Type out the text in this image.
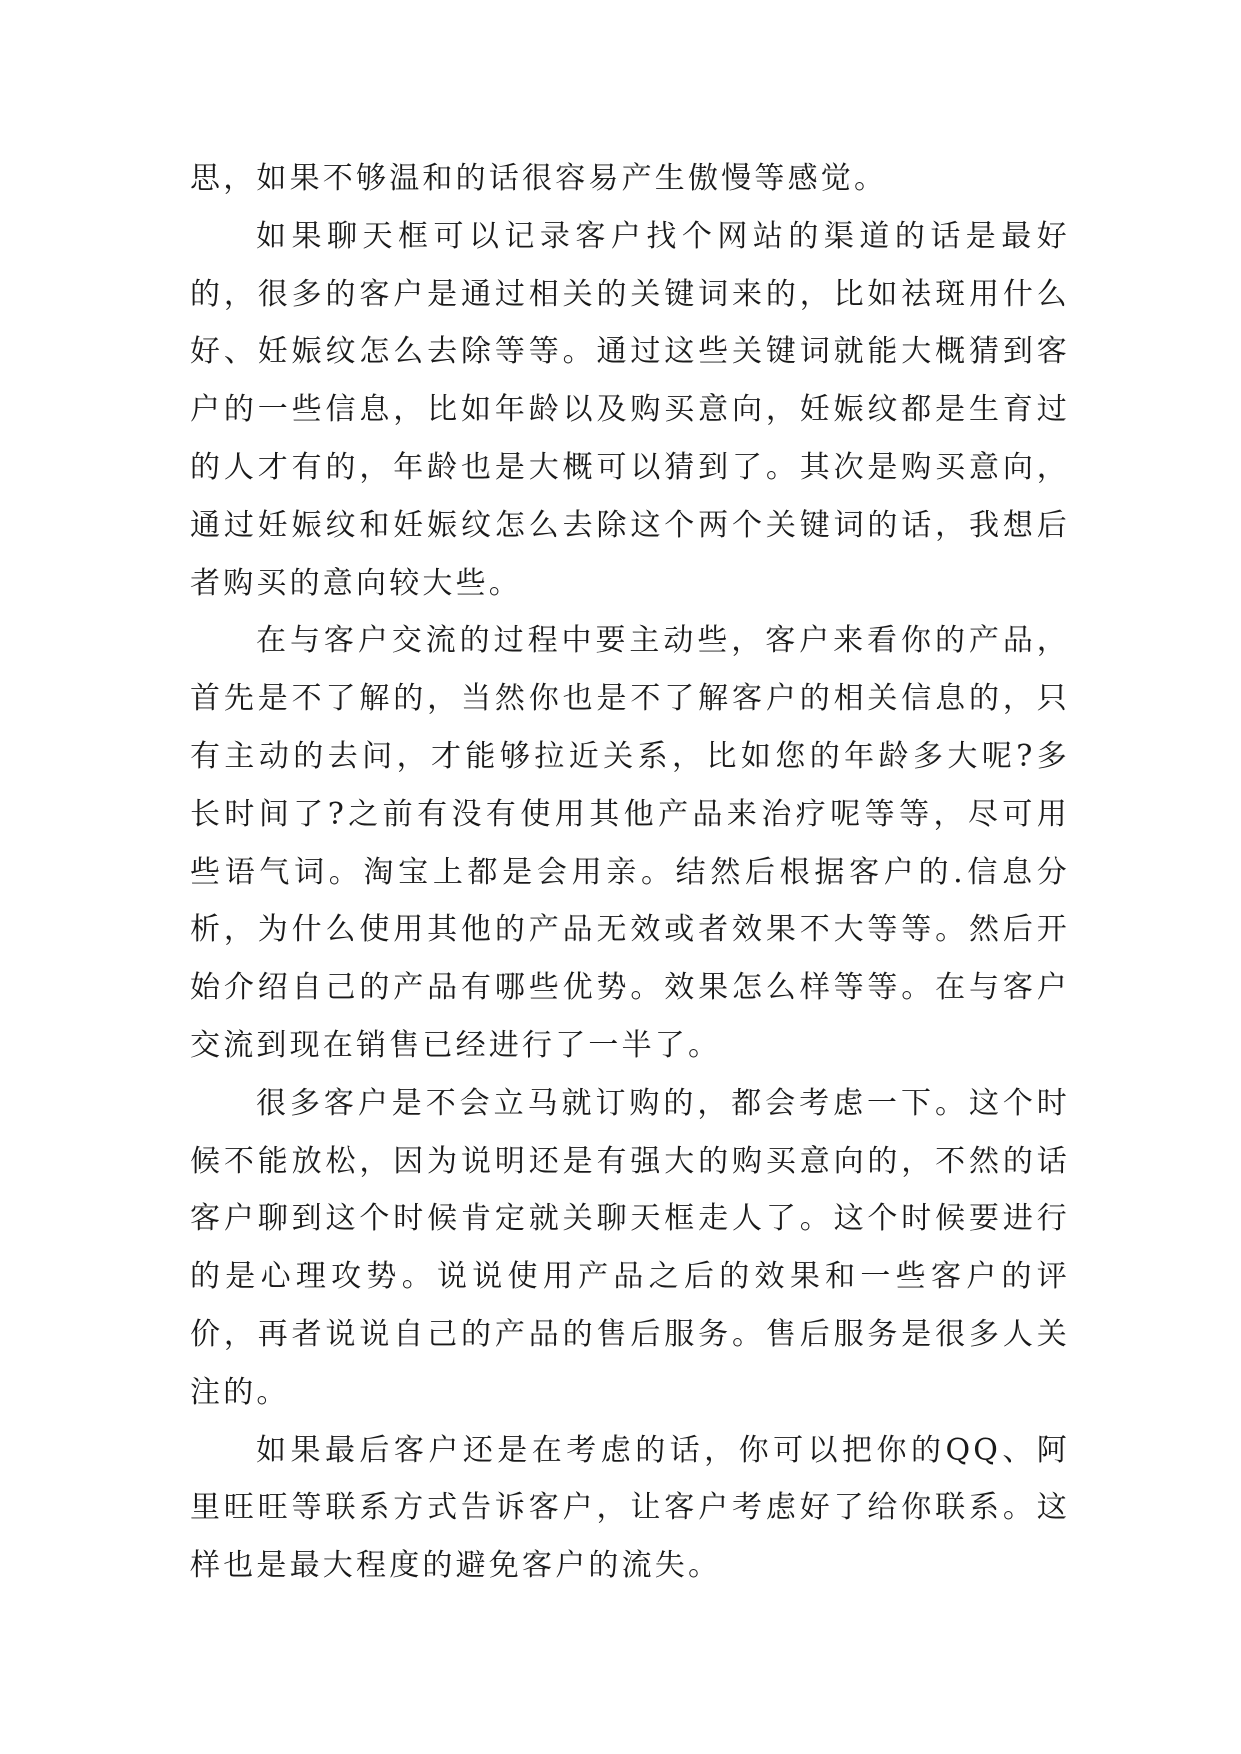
思，如果不够温和的话很容易产生傲慢等感觉。

如果聊天框可以记录客户找个网站的渠道的话是最好的，很多的客户是通过相关的关键词来的，比如祛斑用什么好、妊娠纹怎么去除等等。通过这些关键词就能大概猜到客户的一些信息，比如年龄以及购买意向，妊娠纹都是生育过的人才有的，年龄也是大概可以猜到了。其次是购买意向，通过妊娠纹和妊娠纹怎么去除这个两个关键词的话，我想后者购买的意向较大些。

在与客户交流的过程中要主动些，客户来看你的产品，首先是不了解的，当然你也是不了解客户的相关信息的，只有主动的去问，才能够拉近关系，比如您的年龄多大呢?多长时间了?之前有没有使用其他产品来治疗呢等等，尽可用些语气词。淘宝上都是会用亲。结然后根据客户的.信息分析，为什么使用其他的产品无效或者效果不大等等。然后开始介绍自己的产品有哪些优势。效果怎么样等等。在与客户交流到现在销售已经进行了一半了。

很多客户是不会立马就订购的，都会考虑一下。这个时候不能放松，因为说明还是有强大的购买意向的，不然的话客户聊到这个时候肯定就关聊天框走人了。这个时候要进行的是心理攻势。说说使用产品之后的效果和一些客户的评价，再者说说自己的产品的售后服务。售后服务是很多人关注的。

如果最后客户还是在考虑的话，你可以把你的QQ、阿里旺旺等联系方式告诉客户，让客户考虑好了给你联系。这样也是最大程度的避免客户的流失。
